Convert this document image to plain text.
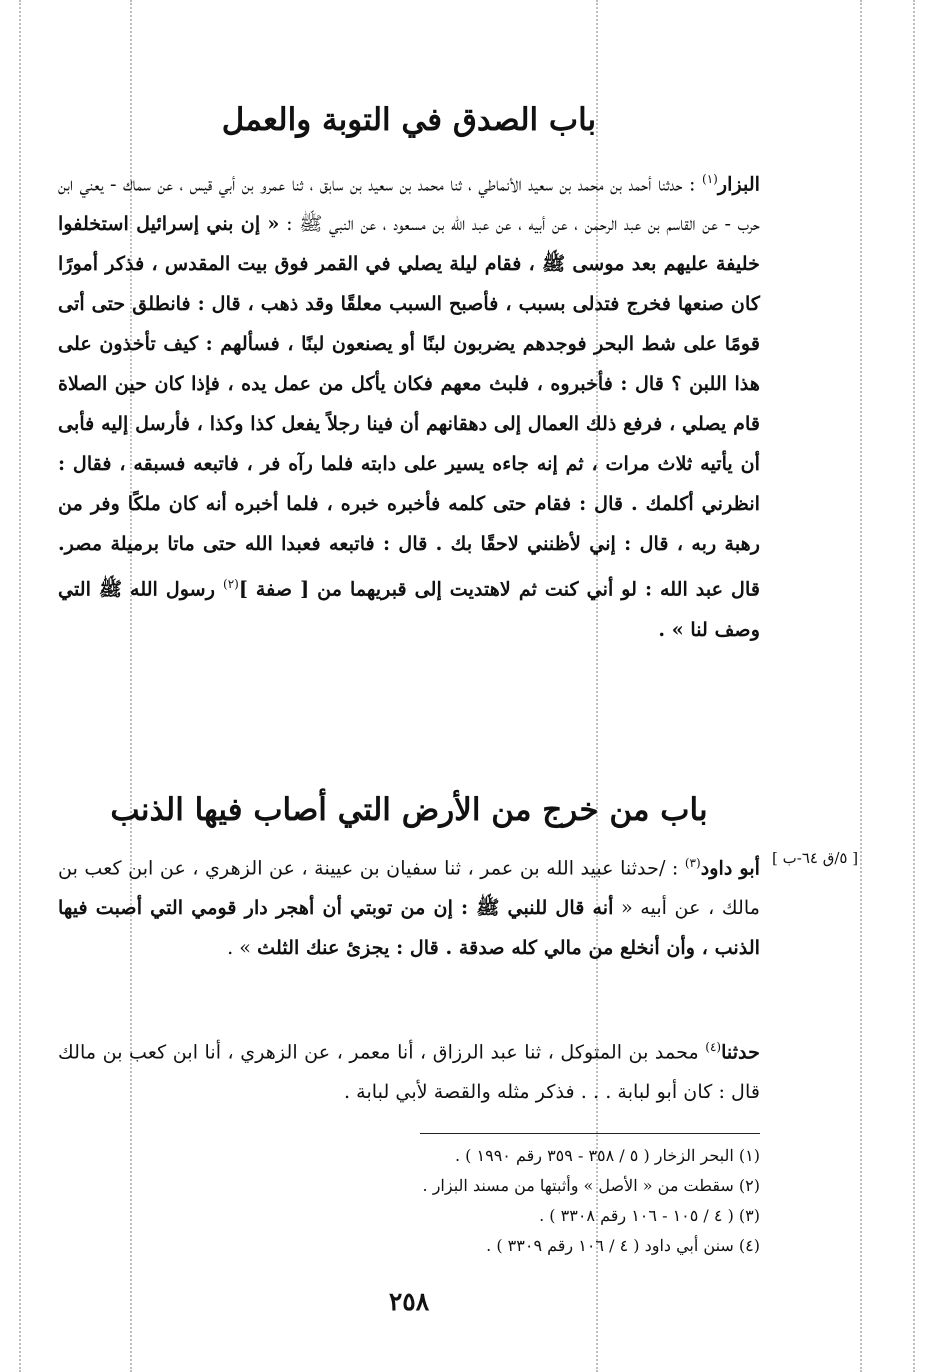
باب الصدق في التوبة والعمل

البزار$^{(١)}$ : حدثنا أحمد بن محمد بن سعيد الأنماطي ، ثنا محمد بن سعيد بن سابق ، ثنا عمرو بن أبي قيس ، عن سماك - يعني ابن حرب - عن القاسم بن عبد الرحمن ، عن أبيه ، عن عبد الله بن مسعود ، عن النبي ﷺ : « إن بني إسرائيل استخلفوا خليفة عليهم بعد موسى ﷺ ، فقام ليلة يصلي في القمر فوق بيت المقدس ، فذكر أمورًا كان صنعها فخرج فتدلى بسبب ، فأصبح السبب معلقًا وقد ذهب ، قال : فانطلق حتى أتى قومًا على شط البحر فوجدهم يضربون لبنًا أو يصنعون لبنًا ، فسألهم : كيف تأخذون على هذا اللبن ؟ قال : فأخبروه ، فلبث معهم فكان يأكل من عمل يده ، فإذا كان حين الصلاة قام يصلي ، فرفع ذلك العمال إلى دهقانهم أن فينا رجلاً يفعل كذا وكذا ، فأرسل إليه فأبى أن يأتيه ثلاث مرات ، ثم إنه جاءه يسير على دابته فلما رآه فر ، فاتبعه فسبقه ، فقال : انظرني أكلمك . قال : فقام حتى كلمه فأخبره خبره ، فلما أخبره أنه كان ملكًا وفر من رهبة ربه ، قال : إني لأظنني لاحقًا بك . قال : فاتبعه فعبدا الله حتى ماتا برميلة مصر. قال عبد الله : لو أني كنت ثم لاهتديت إلى قبريهما من [ صفة ]$^{(٢)}$ رسول الله ﷺ التي وصف لنا » .

باب من خرج من الأرض التي أصاب فيها الذنب

أبو داود$^{(٣)}$ : /حدثنا عبيد الله بن عمر ، ثنا سفيان بن عيينة ، عن الزهري ، عن ابن كعب بن مالك ، عن أبيه « أنه قال للنبي ﷺ : إن من توبتي أن أهجر دار قومي التي أصبت فيها الذنب ، وأن أنخلع من مالي كله صدقة . قال : يجزئ عنك الثلث » .

حدثنا$^{(٤)}$ محمد بن المتوكل ، ثنا عبد الرزاق ، أنا معمر ، عن الزهري ، أنا ابن كعب بن مالك قال : كان أبو لبابة . . . فذكر مثله والقصة لأبي لبابة .

(١) البحر الزخار ( ٥ / ٣٥٨ - ٣٥٩ رقم ١٩٩٠ ) .

(٢) سقطت من « الأصل » وأثبتها من مسند البزار .

(٣) ( ٤ / ١٠٥ - ١٠٦ رقم ٣٣٠٨ ) .

(٤) سنن أبي داود ( ٤ / ١٠٦ رقم ٣٣٠٩ ) .

٢٥٨
[ ٥/ق ٦٤-ب ]
